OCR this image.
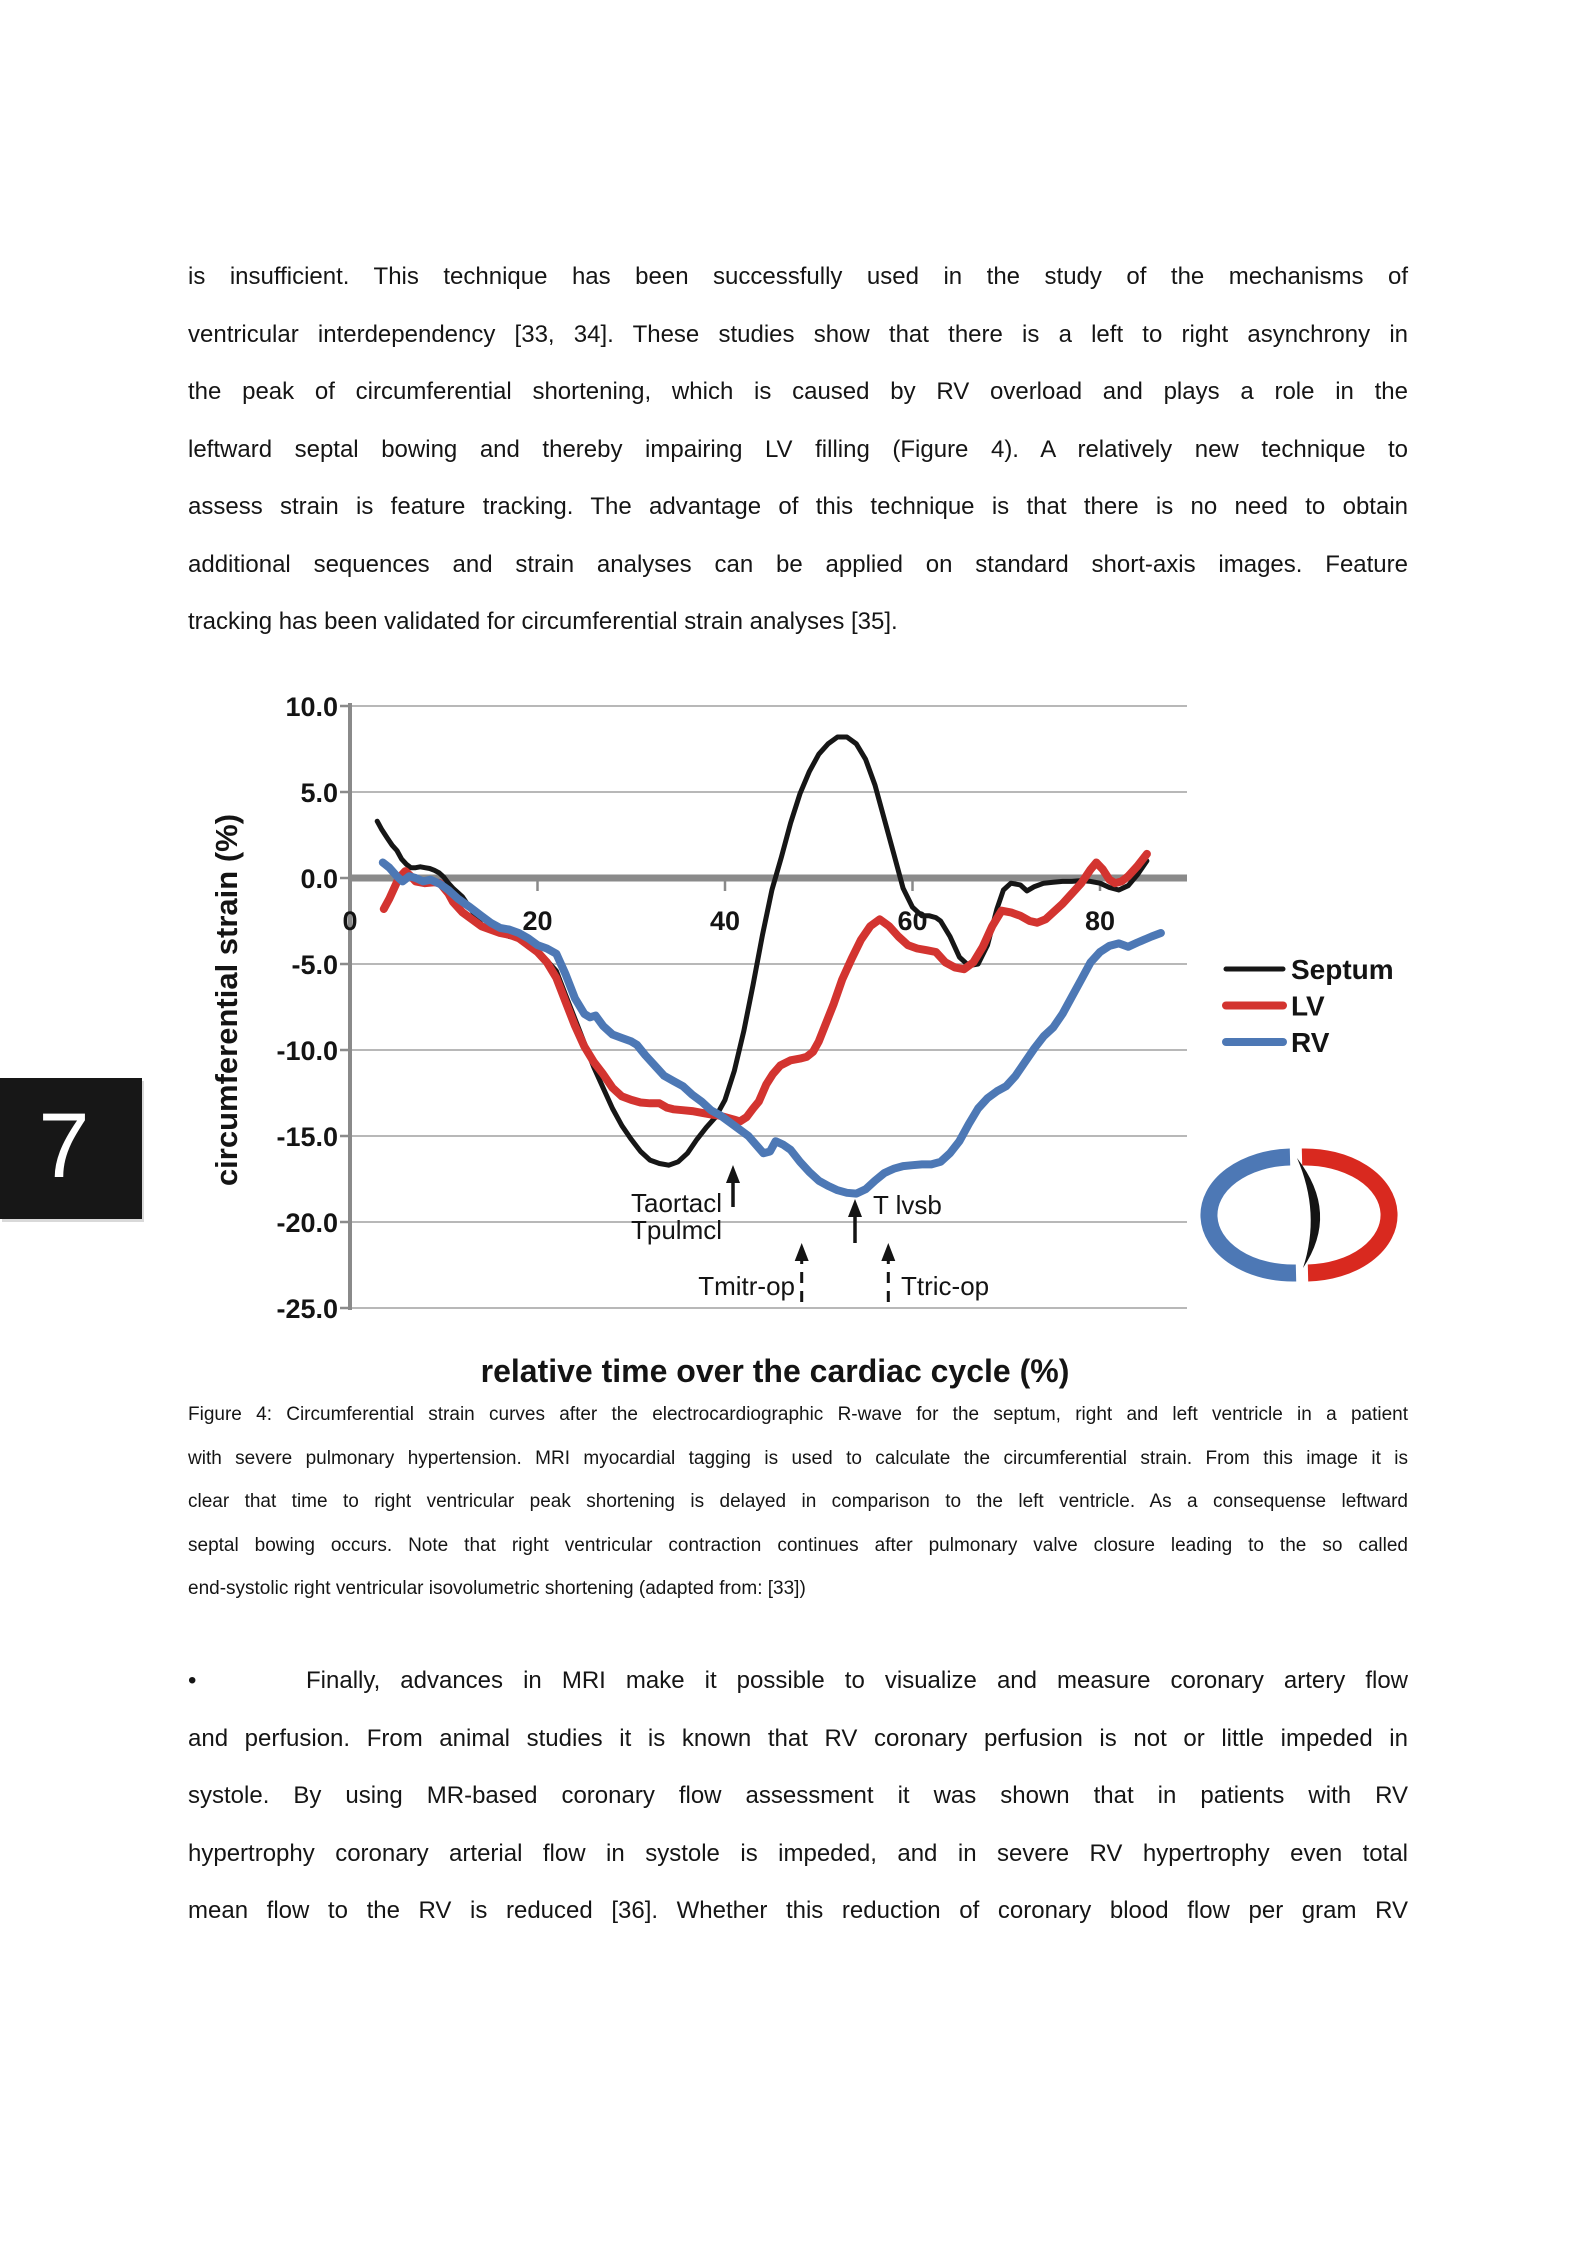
is insufficient. This technique has been successfully used in the study of the mechanisms of
ventricular interdependency [33, 34]. These studies show that there is a left to right asynchrony in
the peak of circumferential shortening, which is caused by RV overload and plays a role in the
leftward septal bowing and thereby impairing LV filling (Figure 4). A relatively new technique to
assess strain is feature tracking. The advantage of this technique is that there is no need to obtain
additional sequences and strain analyses can be applied on standard short-axis images. Feature
tracking has been validated for circumferential strain analyses [35].
7
10.0
5.0
0.0
-5.0
-10.0
-15.0
-20.0
-25.0
0	20	40	60	80
Taortacl
Tpulmcl
T lvsb
Tmitr-op	Ttric-op
relative time over the cardiac cycle (%)
circumferential strain (%)	Septum
LV
RV
Figure 4: Circumferential strain curves after the electrocardiographic R-wave for the septum, right and left ventricle in a patient
with severe pulmonary hypertension. MRI myocardial tagging is used to calculate the circumferential strain. From this image it is
clear that time to right ventricular peak shortening is delayed in comparison to the left ventricle. As a consequense leftward
septal bowing occurs. Note that right ventricular contraction continues after pulmonary valve closure leading to the so called
end-systolic right ventricular isovolumetric shortening (adapted from: [33])
•	Finally, advances in MRI make it possible to visualize and measure coronary artery flow
and perfusion. From animal studies it is known that RV coronary perfusion is not or little impeded in
systole. By using MR-based coronary flow assessment it was shown that in patients with RV
hypertrophy coronary arterial flow in systole is impeded, and in severe RV hypertrophy even total
mean flow to the RV is reduced [36]. Whether this reduction of coronary blood flow per gram RV
